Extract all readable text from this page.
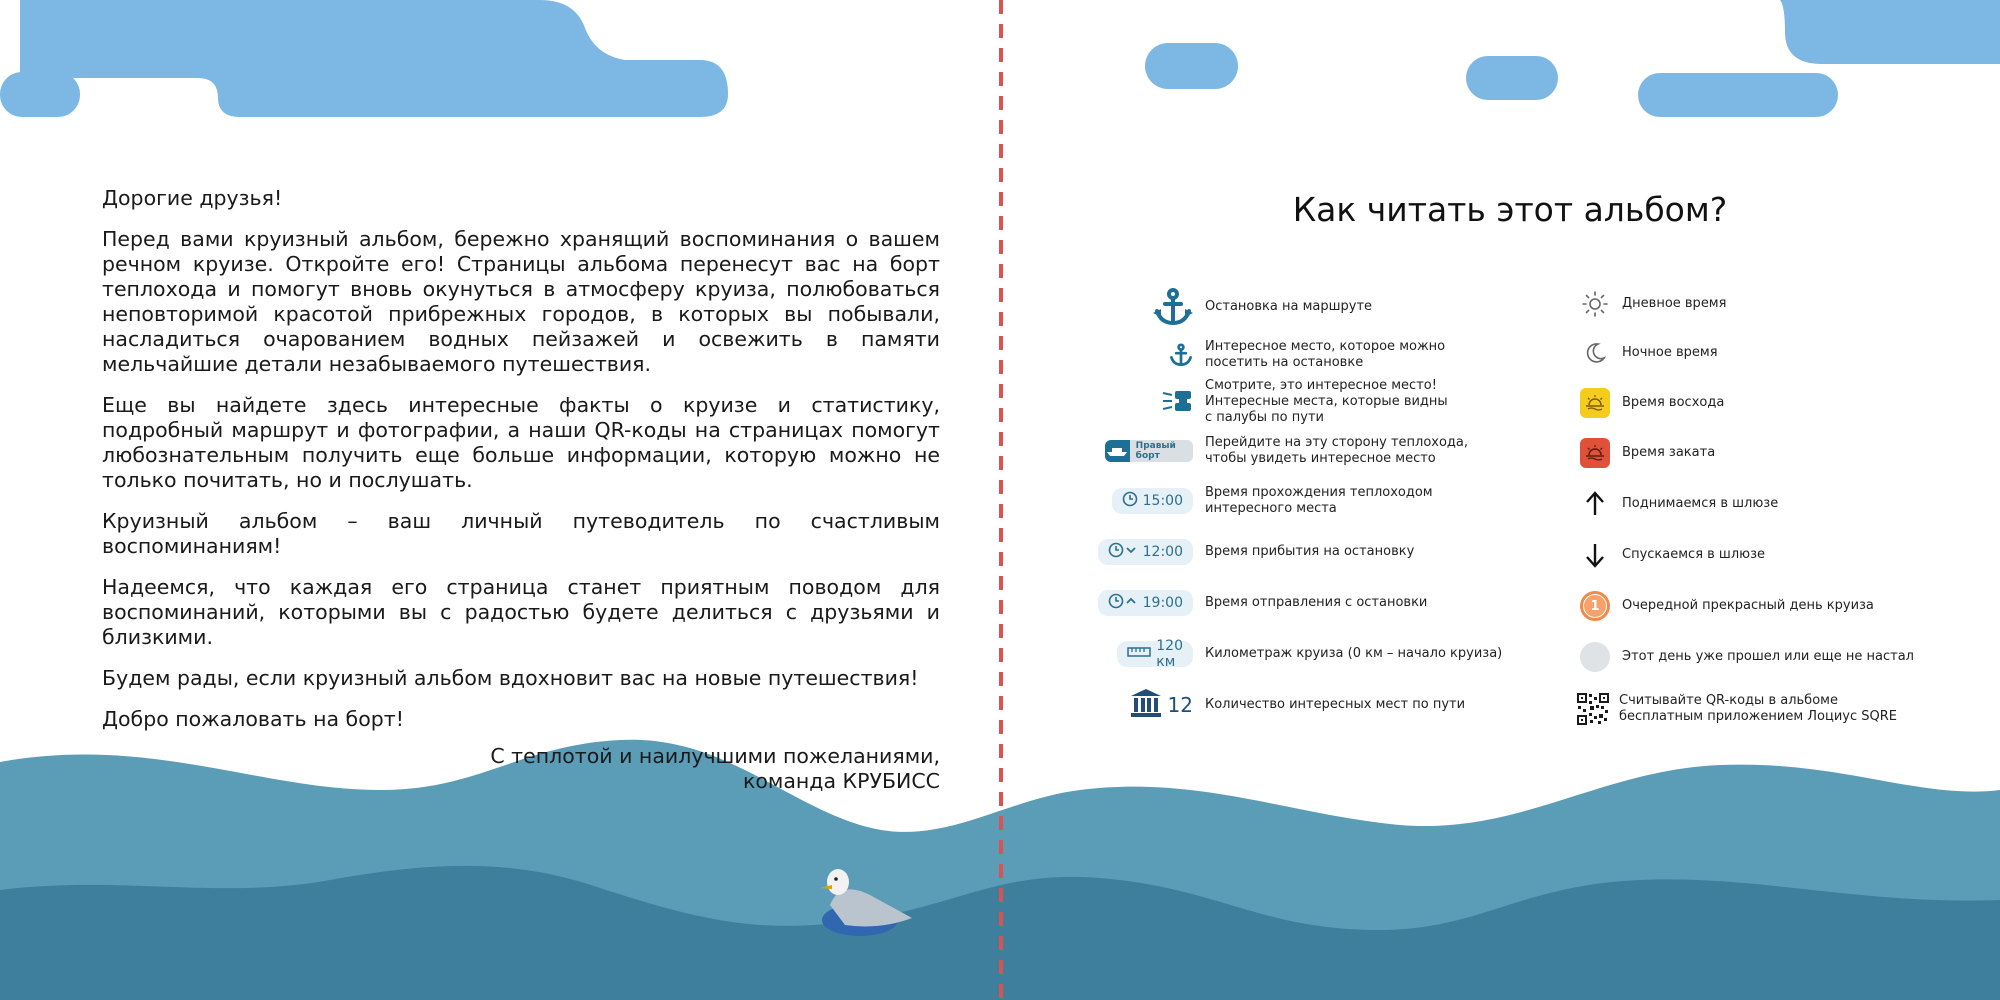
Дорогие друзья!

Перед вами круизный альбом, бережно хранящий воспоминания о вашем речном круизе. Откройте его! Страницы альбома перенесут вас на борт теплохода и помогут вновь окунуться в атмосферу круиза, полюбоваться неповторимой красотой прибрежных городов, в которых вы побывали, насладиться очарованием водных пейзажей и освежить в памяти мельчайшие детали незабываемого путешествия.

Еще вы найдете здесь интересные факты о круизе и статистику, подробный маршрут и фотографии, а наши QR-коды на страницах помогут любознательным получить еще больше информации, которую можно не только почитать, но и послушать.

Круизный альбом – ваш личный путеводитель по счастливым воспоминаниям!

Надеемся, что каждая его страница станет приятным поводом для воспоминаний, которыми вы с радостью будете делиться с друзьями и близкими.

Будем рады, если круизный альбом вдохновит вас на новые путешествия!

Добро пожаловать на борт!

С теплотой и наилучшими пожеланиями,
команда КРУБИСС
Как читать этот альбом?
Остановка на маршруте
Интересное место, которое можно
посетить на остановке
Смотрите, это интересное место!
Интересные места, которые видны
с палубы по пути
Правый борт
Перейдите на эту сторону теплохода,
чтобы увидеть интересное место
15:00
Время прохождения теплоходом
интересного места
12:00 Время прибытия на остановку
19:00 Время отправления с остановки
120 км
Километраж круиза (0 км – начало круиза)
12 Количество интересных мест по пути
Дневное время
Ночное время
Время восхода
Время заката
Поднимаемся в шлюзе
Спускаемся в шлюзе
1	Очередной прекрасный день круиза
Этот день уже прошел или еще не настал
Считывайте QR-коды в альбоме
бесплатным приложением Лоциус SQRE
